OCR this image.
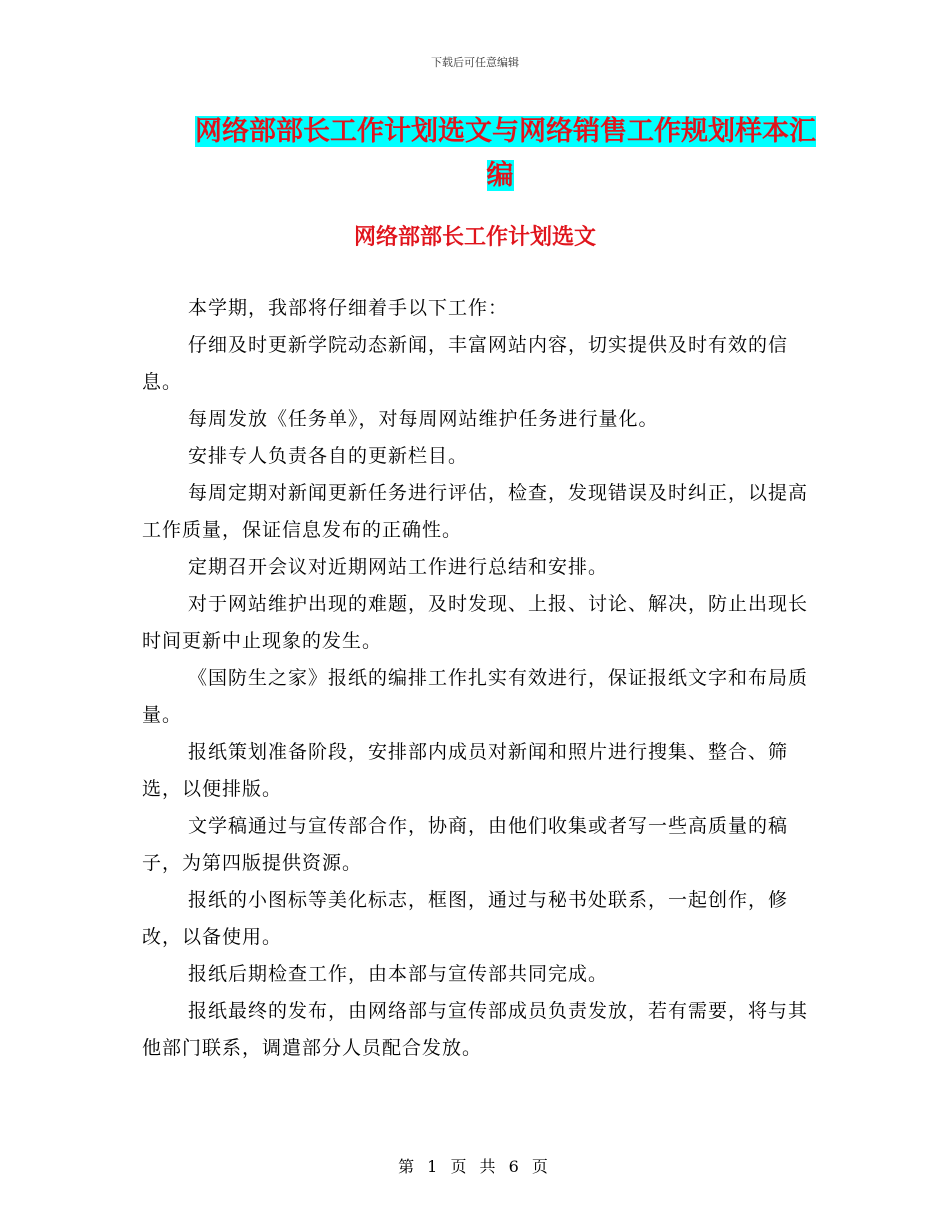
下载后可任意编辑
网络部部长工作计划选文与网络销售工作规划样本汇
编
网络部部长工作计划选文

本学期，我部将仔细着手以下工作：

仔细及时更新学院动态新闻，丰富网站内容，切实提供及时有效的信息。

每周发放《任务单》，对每周网站维护任务进行量化。

安排专人负责各自的更新栏目。

每周定期对新闻更新任务进行评估，检查，发现错误及时纠正，以提高工作质量，保证信息发布的正确性。

定期召开会议对近期网站工作进行总结和安排。

对于网站维护出现的难题，及时发现、上报、讨论、解决，防止出现长时间更新中止现象的发生。

《国防生之家》报纸的编排工作扎实有效进行，保证报纸文字和布局质量。

报纸策划准备阶段，安排部内成员对新闻和照片进行搜集、整合、筛选，以便排版。

文学稿通过与宣传部合作，协商，由他们收集或者写一些高质量的稿子，为第四版提供资源。

报纸的小图标等美化标志，框图，通过与秘书处联系，一起创作，修改，以备使用。

报纸后期检查工作，由本部与宣传部共同完成。

报纸最终的发布，由网络部与宣传部成员负责发放，若有需要，将与其他部门联系，调遣部分人员配合发放。

第 1 页 共 6 页
